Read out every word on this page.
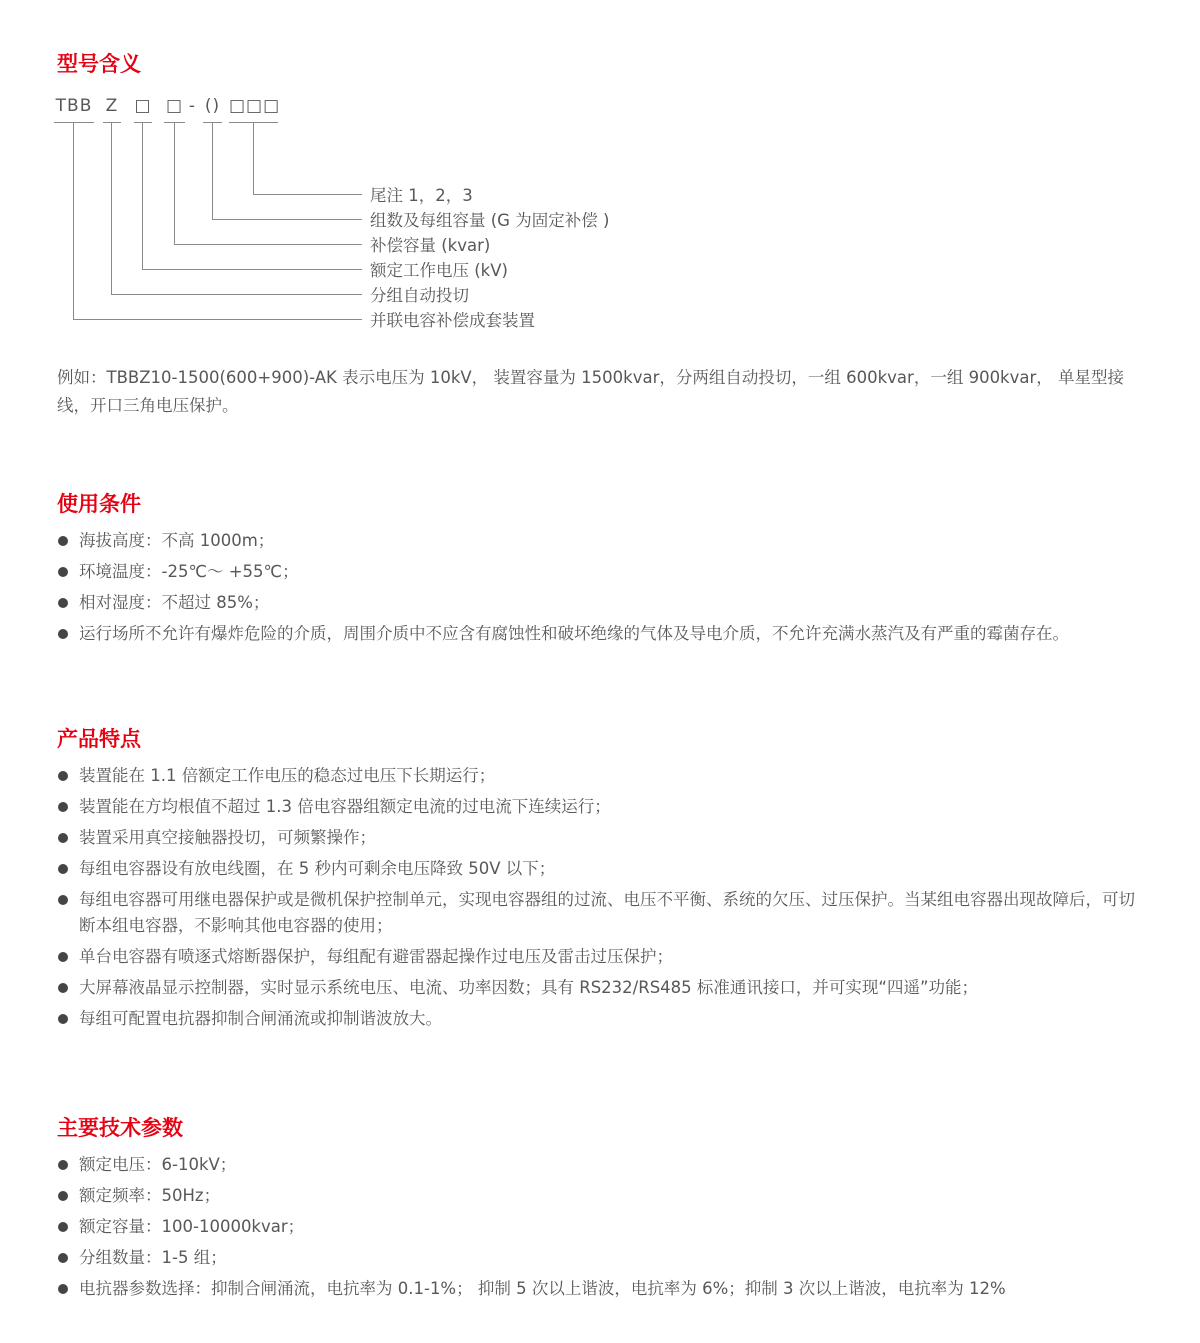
型号含义
TBB Z □ □ - () □□□
尾注 1，2，3
组数及每组容量 (G 为固定补偿 )
补偿容量 (kvar)
额定工作电压 (kV)
分组自动投切
并联电容补偿成套装置

例如：TBBZ10-1500(600+900)-AK 表示电压为 10kV， 装置容量为 1500kvar，分两组自动投切，一组 600kvar，一组 900kvar， 单星型接线，开口三角电压保护。

使用条件
海拔高度：不高 1000m；
环境温度：-25℃～ +55℃；
相对湿度：不超过 85%；
运行场所不允许有爆炸危险的介质，周围介质中不应含有腐蚀性和破坏绝缘的气体及导电介质，不允许充满水蒸汽及有严重的霉菌存在。
产品特点
装置能在 1.1 倍额定工作电压的稳态过电压下长期运行；
装置能在方均根值不超过 1.3 倍电容器组额定电流的过电流下连续运行；
装置采用真空接触器投切，可频繁操作；
每组电容器设有放电线圈，在 5 秒内可剩余电压降致 50V 以下；
每组电容器可用继电器保护或是微机保护控制单元，实现电容器组的过流、电压不平衡、系统的欠压、过压保护。当某组电容器出现故障后，可切断本组电容器，不影响其他电容器的使用；
单台电容器有喷逐式熔断器保护，每组配有避雷器起操作过电压及雷击过压保护；
大屏幕液晶显示控制器，实时显示系统电压、电流、功率因数；具有 RS232/RS485 标准通讯接口，并可实现“四遥”功能；
每组可配置电抗器抑制合闸涌流或抑制谐波放大。
主要技术参数
额定电压：6-10kV；
额定频率：50Hz；
额定容量：100-10000kvar；
分组数量：1-5 组；
电抗器参数选择：抑制合闸涌流，电抗率为 0.1-1%； 抑制 5 次以上谐波，电抗率为 6%；抑制 3 次以上谐波，电抗率为 12%
